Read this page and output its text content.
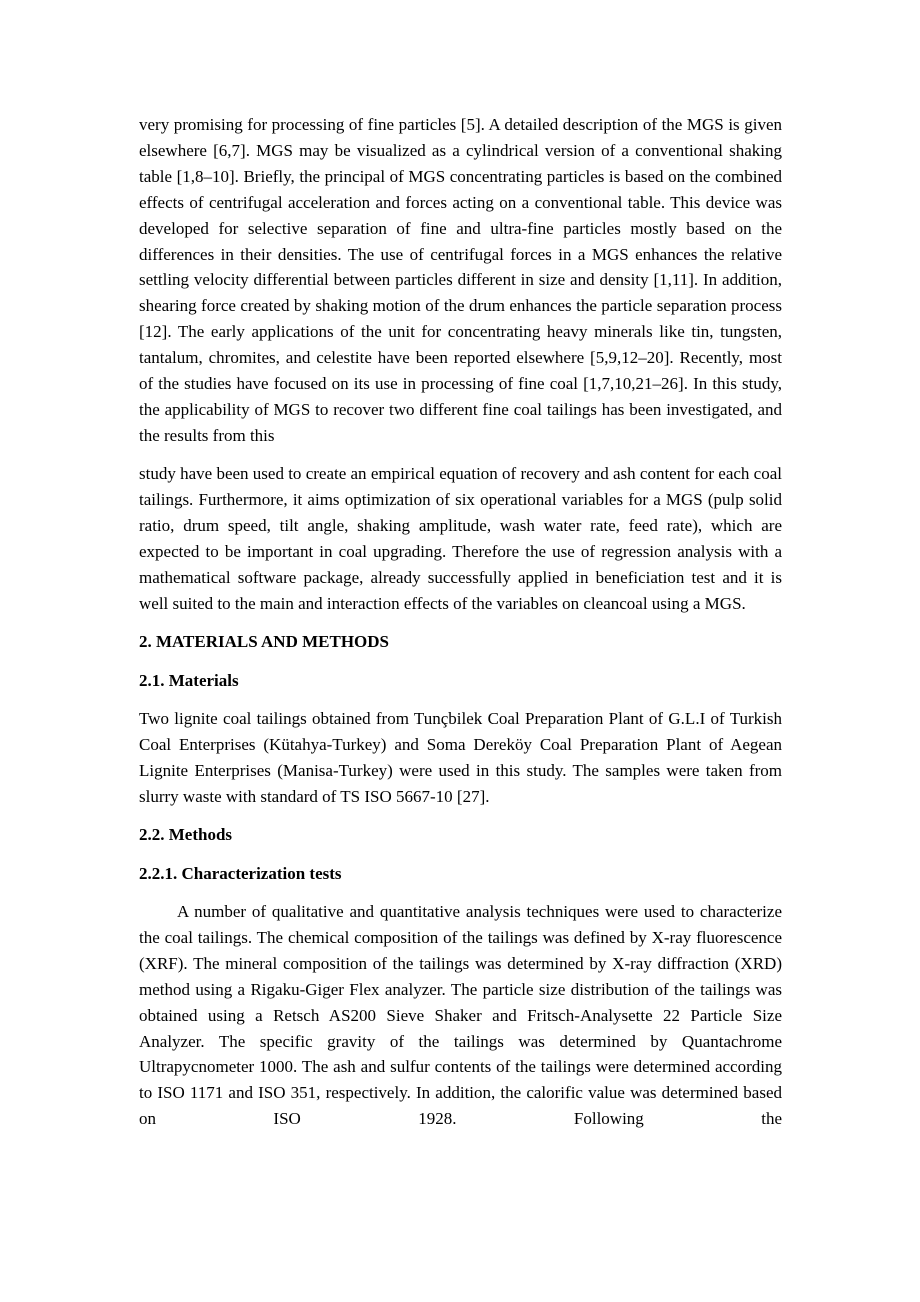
very promising for processing of fine particles [5]. A detailed description of the MGS is given elsewhere [6,7]. MGS may be visualized as a cylindrical version of a conventional shaking table [1,8–10]. Briefly, the principal of MGS concentrating particles is based on the combined effects of centrifugal acceleration and forces acting on a conventional table. This device was developed for selective separation of fine and ultra-fine particles mostly based on the differences in their densities. The use of centrifugal forces in a MGS enhances the relative settling velocity differential between particles different in size and density [1,11]. In addition, shearing force created by shaking motion of the drum enhances the particle separation process [12]. The early applications of the unit for concentrating heavy minerals like tin, tungsten, tantalum, chromites, and celestite have been reported elsewhere [5,9,12–20]. Recently, most of the studies have focused on its use in processing of fine coal [1,7,10,21–26]. In this study, the applicability of MGS to recover two different fine coal tailings has been investigated, and the results from this

study have been used to create an empirical equation of recovery and ash content for each coal tailings. Furthermore, it aims optimization of six operational variables for a MGS (pulp solid ratio, drum speed, tilt angle, shaking amplitude, wash water rate, feed rate), which are expected to be important in coal upgrading. Therefore the use of regression analysis with a mathematical software package, already successfully applied in beneficiation test and it is well suited to the main and interaction effects of the variables on cleancoal using a MGS.

2. MATERIALS AND METHODS

2.1. Materials

Two lignite coal tailings obtained from Tunçbilek Coal Preparation Plant of G.L.I of Turkish Coal Enterprises (Kütahya-Turkey) and Soma Dereköy Coal Preparation Plant of Aegean Lignite Enterprises (Manisa-Turkey) were used in this study. The samples were taken from slurry waste with standard of TS ISO 5667-10 [27].

2.2. Methods

2.2.1. Characterization tests

A number of qualitative and quantitative analysis techniques were used to characterize the coal tailings. The chemical composition of the tailings was defined by X-ray fluorescence (XRF). The mineral composition of the tailings was determined by X-ray diffraction (XRD) method using a Rigaku-Giger Flex analyzer. The particle size distribution of the tailings was obtained using a Retsch AS200 Sieve Shaker and Fritsch-Analysette 22 Particle Size Analyzer. The specific gravity of the tailings was determined by Quantachrome Ultrapycnometer 1000. The ash and sulfur contents of the tailings were determined according to ISO 1171 and ISO 351, respectively. In addition, the calorific value was determined based on ISO 1928. Following the
